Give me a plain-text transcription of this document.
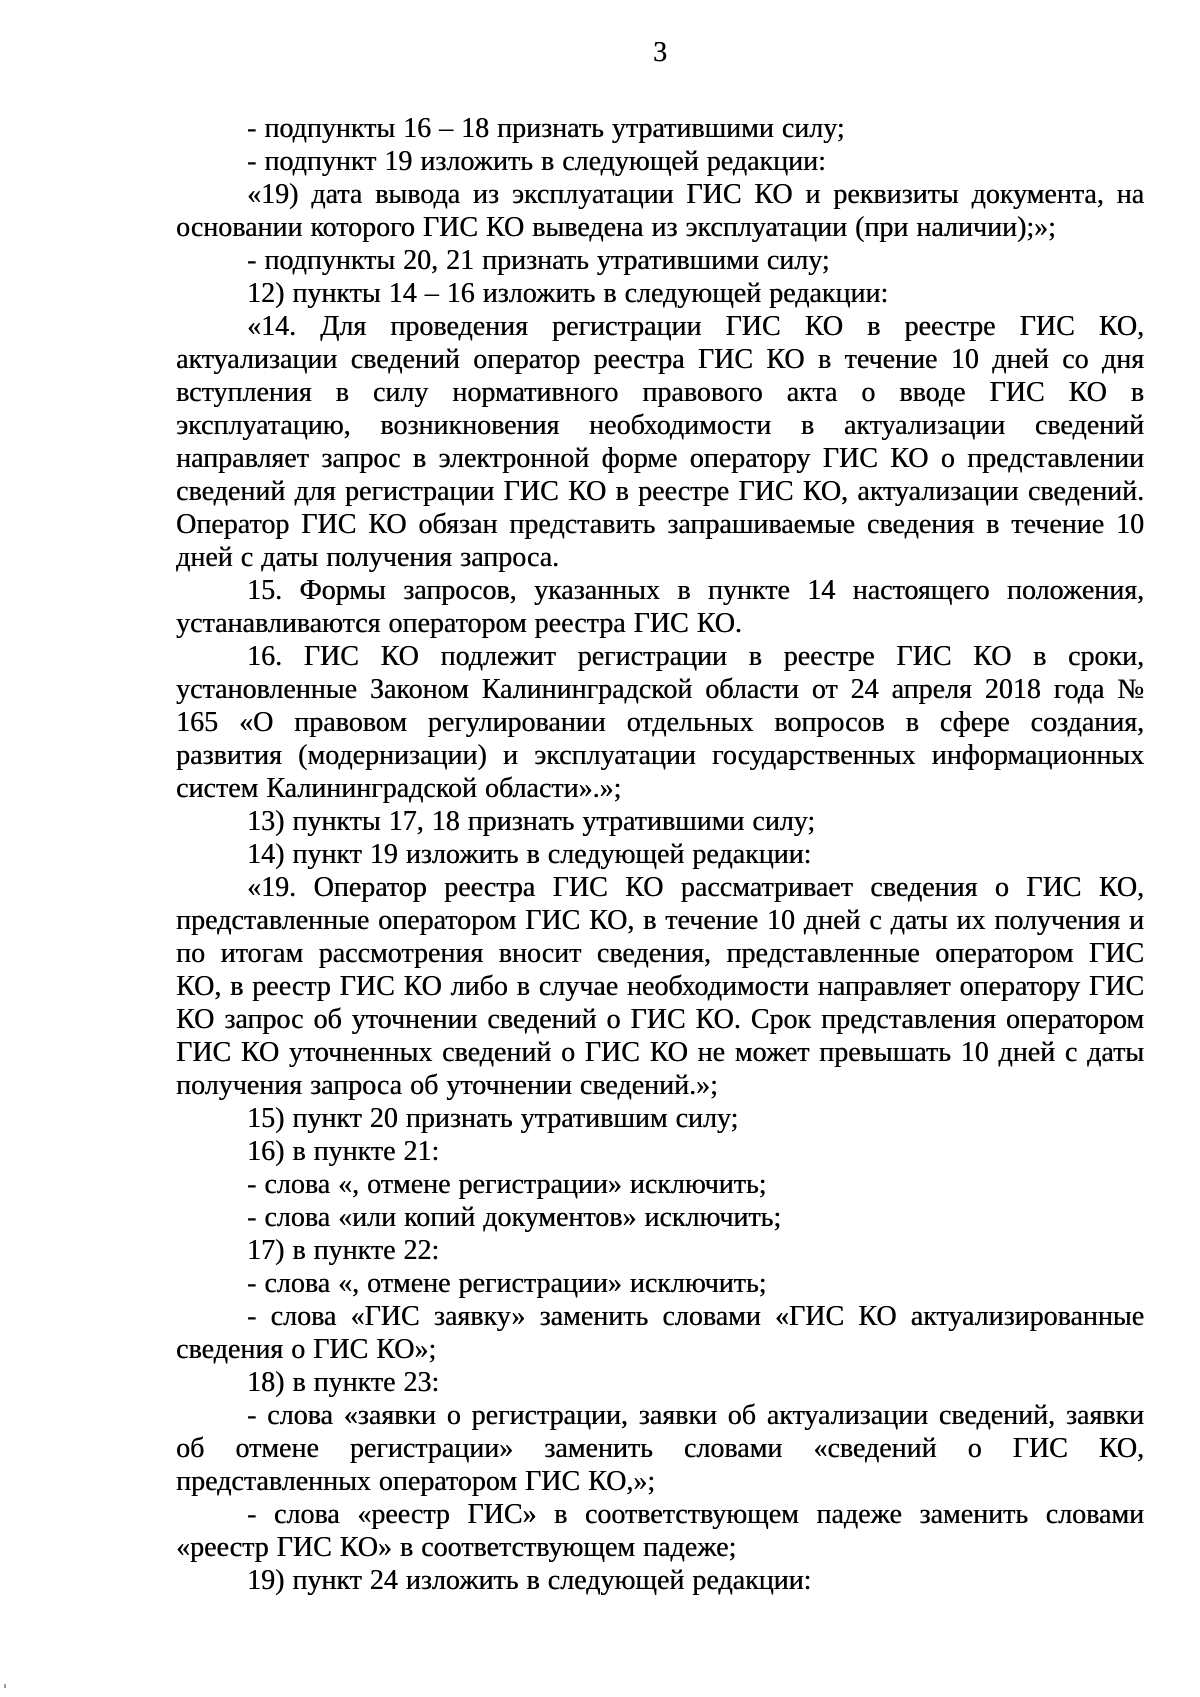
3

- подпункты 16 – 18 признать утратившими силу;

- подпункт 19 изложить в следующей редакции:

«19) дата вывода из эксплуатации ГИС КО и реквизиты документа, на основании которого ГИС КО выведена из эксплуатации (при наличии);»;

- подпункты 20, 21 признать утратившими силу;

12) пункты 14 – 16 изложить в следующей редакции:

«14. Для проведения регистрации ГИС КО в реестре ГИС КО, актуализации сведений оператор реестра ГИС КО в течение 10 дней со дня вступления в силу нормативного правового акта о вводе ГИС КО в эксплуатацию, возникновения необходимости в актуализации сведений направляет запрос в электронной форме оператору ГИС КО о представлении сведений для регистрации ГИС КО в реестре ГИС КО, актуализации сведений. Оператор ГИС КО обязан представить запрашиваемые сведения в течение 10 дней с даты получения запроса.

15. Формы запросов, указанных в пункте 14 настоящего положения, устанавливаются оператором реестра ГИС КО.

16. ГИС КО подлежит регистрации в реестре ГИС КО в сроки, установленные Законом Калининградской области от 24 апреля 2018 года № 165 «О правовом регулировании отдельных вопросов в сфере создания, развития (модернизации) и эксплуатации государственных информационных систем Калининградской области».»;

13) пункты 17, 18 признать утратившими силу;

14) пункт 19 изложить в следующей редакции:

«19. Оператор реестра ГИС КО рассматривает сведения о ГИС КО, представленные оператором ГИС КО, в течение 10 дней с даты их получения и по итогам рассмотрения вносит сведения, представленные оператором ГИС КО, в реестр ГИС КО либо в случае необходимости направляет оператору ГИС КО запрос об уточнении сведений о ГИС КО. Срок представления оператором ГИС КО уточненных сведений о ГИС КО не может превышать 10 дней с даты получения запроса об уточнении сведений.»;

15) пункт 20 признать утратившим силу;

16) в пункте 21:

- слова «, отмене регистрации» исключить;

- слова «или копий документов» исключить;

17) в пункте 22:

- слова «, отмене регистрации» исключить;

- слова «ГИС заявку» заменить словами «ГИС КО актуализированные сведения о ГИС КО»;

18) в пункте 23:

- слова «заявки о регистрации, заявки об актуализации сведений, заявки об отмене регистрации» заменить словами «сведений о ГИС КО, представленных оператором ГИС КО,»;

- слова «реестр ГИС» в соответствующем падеже заменить словами «реестр ГИС КО» в соответствующем падеже;

19) пункт 24 изложить в следующей редакции:
